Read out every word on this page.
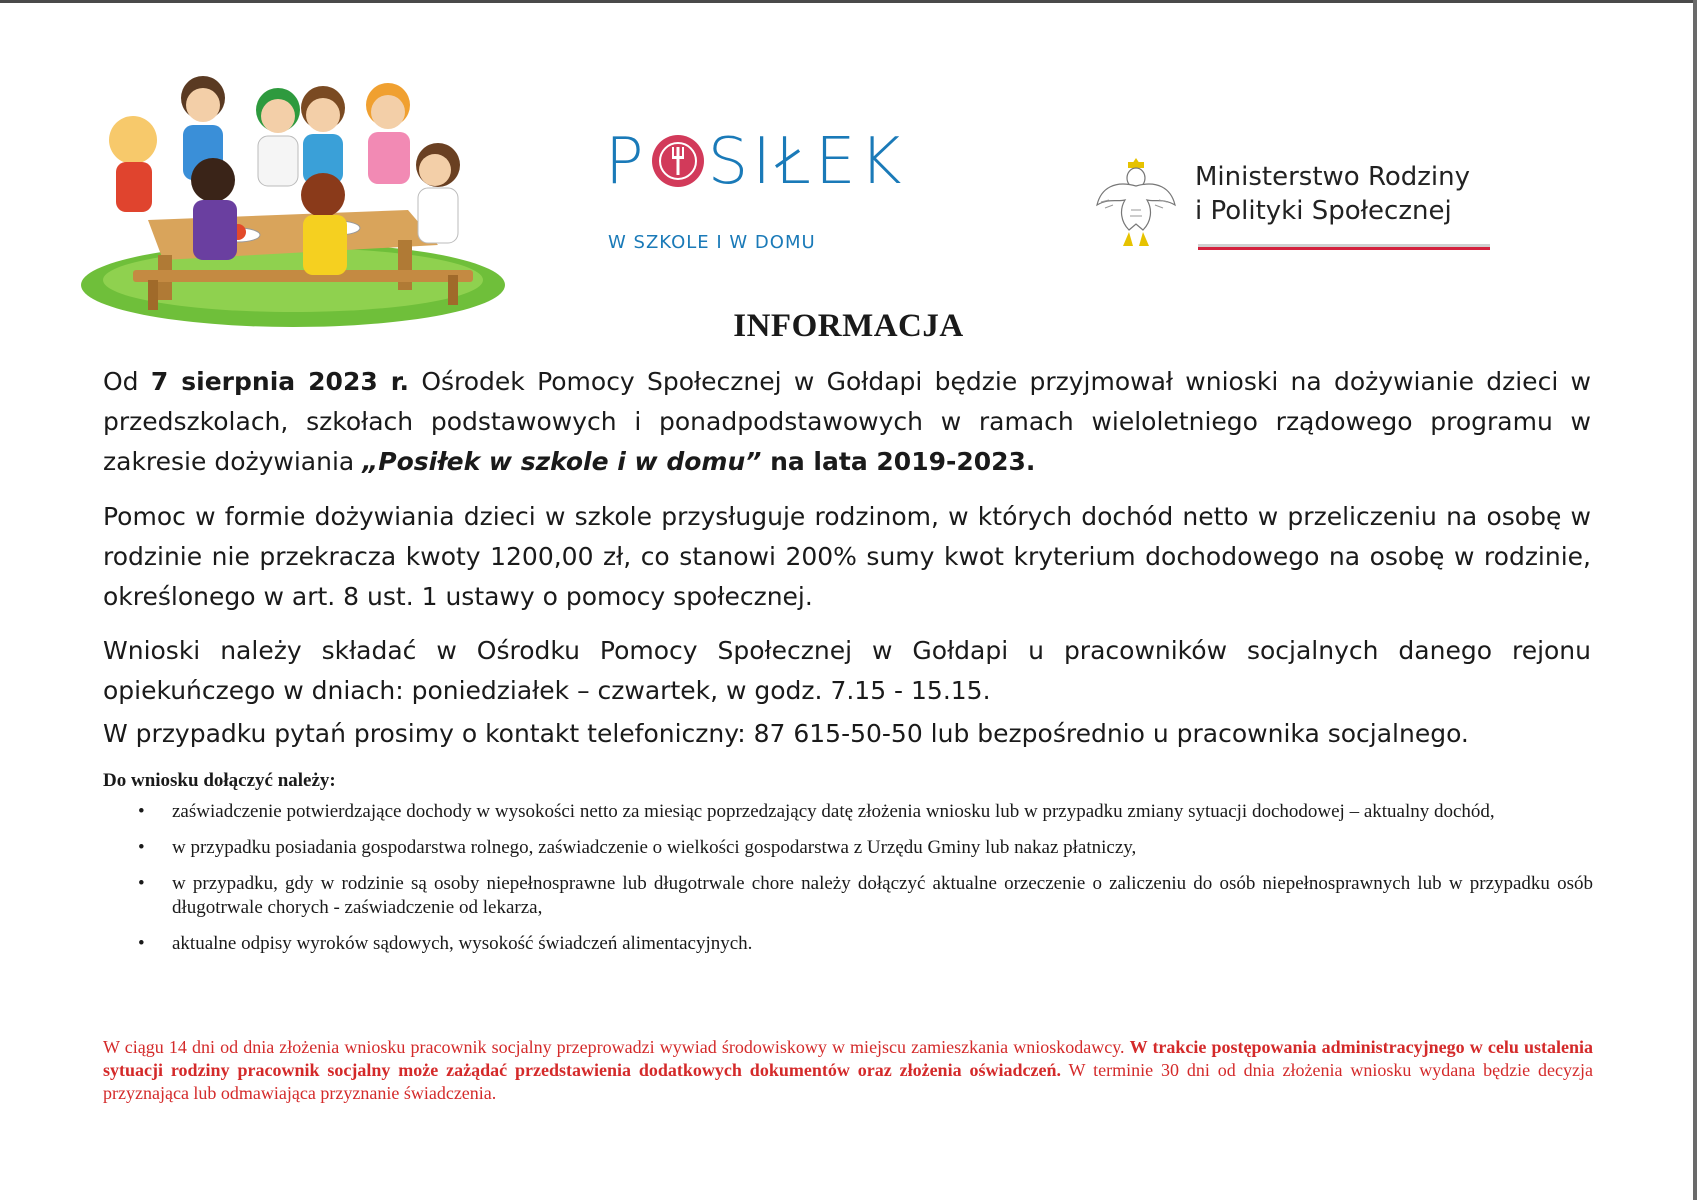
P SIŁEK
W SZKOLE I W DOMU
Ministerstwo Rodziny
i Polityki Społecznej
INFORMACJA
Od 7 sierpnia 2023 r. Ośrodek Pomocy Społecznej w Gołdapi będzie przyjmował wnioski na dożywianie dzieci w przedszkolach, szkołach podstawowych i ponadpodstawowych w ramach wieloletniego rządowego programu w zakresie dożywiania „Posiłek w szkole i w domu” na lata 2019-2023.
Pomoc w formie dożywiania dzieci w szkole przysługuje rodzinom, w których dochód netto w przeliczeniu na osobę w rodzinie nie przekracza kwoty 1200,00 zł, co stanowi 200% sumy kwot kryterium dochodowego na osobę w rodzinie, określonego w art. 8 ust. 1 ustawy o pomocy społecznej.
Wnioski należy składać w Ośrodku Pomocy Społecznej w Gołdapi u pracowników socjalnych danego rejonu opiekuńczego w dniach: poniedziałek – czwartek, w godz. 7.15 - 15.15.
W przypadku pytań prosimy o kontakt telefoniczny: 87 615-50-50 lub bezpośrednio u pracownika socjalnego.
Do wniosku dołączyć należy:
• zaświadczenie potwierdzające dochody w wysokości netto za miesiąc poprzedzający datę złożenia wniosku lub w przypadku zmiany sytuacji dochodowej – aktualny dochód,
• w przypadku posiadania gospodarstwa rolnego, zaświadczenie o wielkości gospodarstwa z Urzędu Gminy lub nakaz płatniczy,
• w przypadku, gdy w rodzinie są osoby niepełnosprawne lub długotrwale chore należy dołączyć aktualne orzeczenie o zaliczeniu do osób niepełnosprawnych lub w przypadku osób długotrwale chorych - zaświadczenie od lekarza,
• aktualne odpisy wyroków sądowych, wysokość świadczeń alimentacyjnych.
W ciągu 14 dni od dnia złożenia wniosku pracownik socjalny przeprowadzi wywiad środowiskowy w miejscu zamieszkania wnioskodawcy. W trakcie postępowania administracyjnego w celu ustalenia sytuacji rodziny pracownik socjalny może zażądać przedstawienia dodatkowych dokumentów oraz złożenia oświadczeń. W terminie 30 dni od dnia złożenia wniosku wydana będzie decyzja przyznająca lub odmawiająca przyznanie świadczenia.
